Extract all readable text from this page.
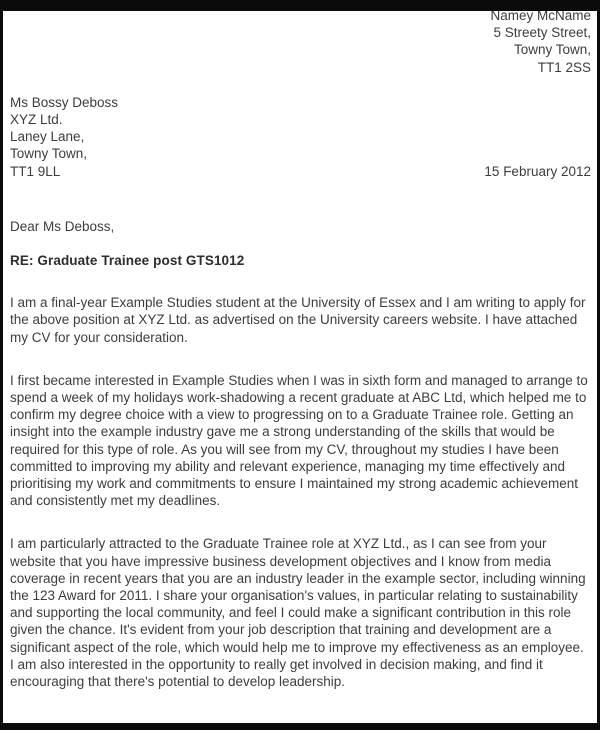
Namey McName
5 Streety Street,
Towny Town,
TT1 2SS
Ms Bossy Deboss
XYZ Ltd.
Laney Lane,
Towny Town,
TT1 9LL	15 February 2012
Dear Ms Deboss,
RE: Graduate Trainee post GTS1012

I am a final-year Example Studies student at the University of Essex and I am writing to apply for the above position at XYZ Ltd. as advertised on the University careers website. I have attached my CV for your consideration.

I first became interested in Example Studies when I was in sixth form and managed to arrange to spend a week of my holidays work-shadowing a recent graduate at ABC Ltd, which helped me to confirm my degree choice with a view to progressing on to a Graduate Trainee role. Getting an insight into the example industry gave me a strong understanding of the skills that would be required for this type of role. As you will see from my CV, throughout my studies I have been committed to improving my ability and relevant experience, managing my time effectively and prioritising my work and commitments to ensure I maintained my strong academic achievement and consistently met my deadlines.

I am particularly attracted to the Graduate Trainee role at XYZ Ltd., as I can see from your website that you have impressive business development objectives and I know from media coverage in recent years that you are an industry leader in the example sector, including winning the 123 Award for 2011. I share your organisation's values, in particular relating to sustainability and supporting the local community, and feel I could make a significant contribution in this role given the chance. It's evident from your job description that training and development are a significant aspect of the role, which would help me to improve my effectiveness as an employee. I am also interested in the opportunity to really get involved in decision making, and find it encouraging that there's potential to develop leadership.
